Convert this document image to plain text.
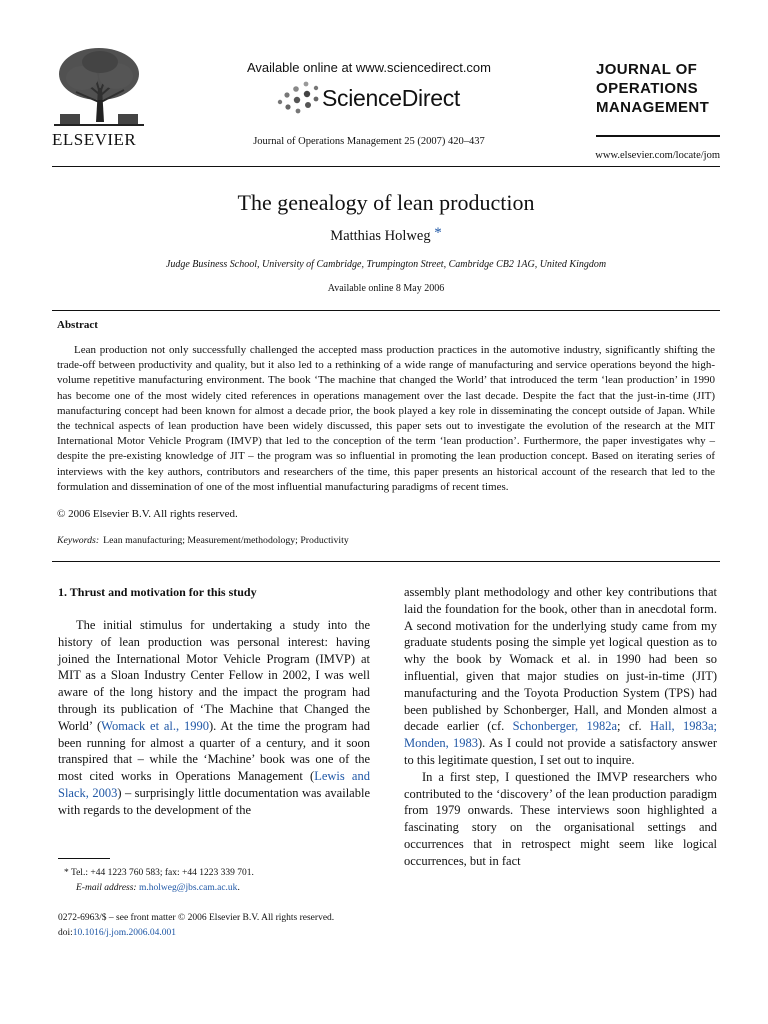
ELSEVIER
Available online at www.sciencedirect.com
ScienceDirect
Journal of Operations Management 25 (2007) 420–437
JOURNAL OF
OPERATIONS
MANAGEMENT
www.elsevier.com/locate/jom
The genealogy of lean production
Matthias Holweg *
Judge Business School, University of Cambridge, Trumpington Street, Cambridge CB2 1AG, United Kingdom
Available online 8 May 2006
Abstract
Lean production not only successfully challenged the accepted mass production practices in the automotive industry, significantly shifting the trade-off between productivity and quality, but it also led to a rethinking of a wide range of manufacturing and service operations beyond the high-volume repetitive manufacturing environment. The book ‘The machine that changed the World’ that introduced the term ‘lean production’ in 1990 has become one of the most widely cited references in operations management over the last decade. Despite the fact that the just-in-time (JIT) manufacturing concept had been known for almost a decade prior, the book played a key role in disseminating the concept outside of Japan. While the technical aspects of lean production have been widely discussed, this paper sets out to investigate the evolution of the research at the MIT International Motor Vehicle Program (IMVP) that led to the conception of the term ‘lean production’. Furthermore, the paper investigates why – despite the pre-existing knowledge of JIT – the program was so influential in promoting the lean production concept. Based on iterating series of interviews with the key authors, contributors and researchers of the time, this paper presents an historical account of the research that led to the formulation and dissemination of one of the most influential manufacturing paradigms of recent times.
© 2006 Elsevier B.V. All rights reserved.
Keywords: Lean manufacturing; Measurement/methodology; Productivity
1. Thrust and motivation for this study
The initial stimulus for undertaking a study into the history of lean production was personal interest: having joined the International Motor Vehicle Program (IMVP) at MIT as a Sloan Industry Center Fellow in 2002, I was well aware of the long history and the impact the program had through its publication of ‘The Machine that Changed the World’ (Womack et al., 1990). At the time the program had been running for almost a quarter of a century, and it soon transpired that – while the ‘Machine’ book was one of the most cited works in Operations Management (Lewis and Slack, 2003) – surprisingly little documentation was available with regards to the development of the
assembly plant methodology and other key contributions that laid the foundation for the book, other than in anecdotal form. A second motivation for the underlying study came from my graduate students posing the simple yet logical question as to why the book by Womack et al. in 1990 had been so influential, given that major studies on just-in-time (JIT) manufacturing and the Toyota Production System (TPS) had been published by Schonberger, Hall, and Monden almost a decade earlier (cf. Schonberger, 1982a; cf. Hall, 1983a; Monden, 1983). As I could not provide a satisfactory answer to this legitimate question, I set out to inquire.
In a first step, I questioned the IMVP researchers who contributed to the ‘discovery’ of the lean production paradigm from 1979 onwards. These interviews soon highlighted a fascinating story on the organisational settings and occurrences that in retrospect might seem like logical occurrences, but in fact
* Tel.: +44 1223 760 583; fax: +44 1223 339 701.
E-mail address: m.holweg@jbs.cam.ac.uk.
0272-6963/$ – see front matter © 2006 Elsevier B.V. All rights reserved.
doi:10.1016/j.jom.2006.04.001
